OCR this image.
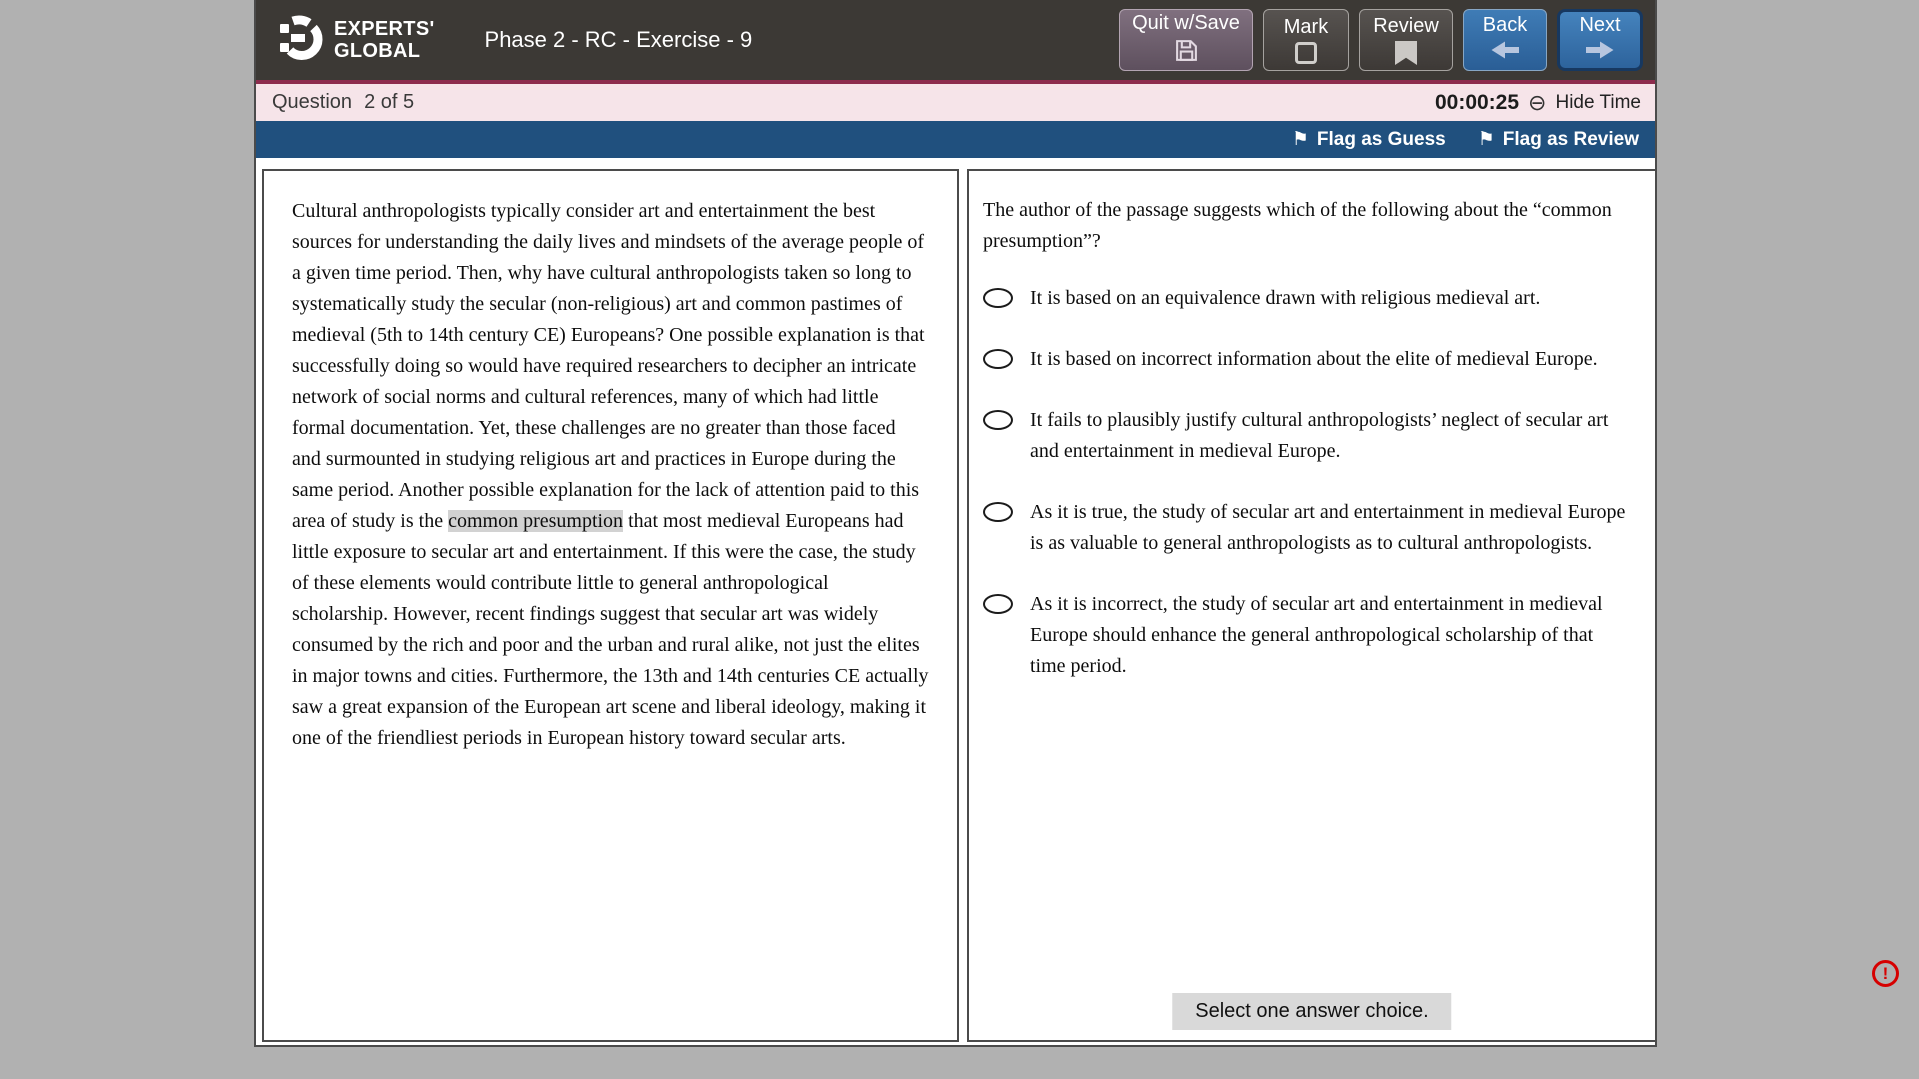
EXPERTS'
GLOBAL	Phase 2 - RC - Exercise - 9
Quit w/Save Mark Review Back	Next
Question 2 of 5	00:00:25 ⊖ Hide Time
⚑ Flag as Guess ⚑ Flag as Review
Cultural anthropologists typically consider art and entertainment the best sources for understanding the daily lives and mindsets of the average people of a given time period. Then, why have cultural anthropologists taken so long to systematically study the secular (non-religious) art and common pastimes of medieval (5th to 14th century CE) Europeans? One possible explanation is that successfully doing so would have required researchers to decipher an intricate network of social norms and cultural references, many of which had little formal documentation. Yet, these challenges are no greater than those faced and surmounted in studying religious art and practices in Europe during the same period. Another possible explanation for the lack of attention paid to this area of study is the common presumption that most medieval Europeans had little exposure to secular art and entertainment. If this were the case, the study of these elements would contribute little to general anthropological scholarship. However, recent findings suggest that secular art was widely consumed by the rich and poor and the urban and rural alike, not just the elites in major towns and cities. Furthermore, the 13th and 14th centuries CE actually saw a great expansion of the European art scene and liberal ideology, making it one of the friendliest periods in European history toward secular arts.
The author of the passage suggests which of the following about the “common presumption”?
It is based on an equivalence drawn with religious medieval art.
It is based on incorrect information about the elite of medieval Europe.
It fails to plausibly justify cultural anthropologists’ neglect of secular art and entertainment in medieval Europe.
As it is true, the study of secular art and entertainment in medieval Europe is as valuable to general anthropologists as to cultural anthropologists.
As it is incorrect, the study of secular art and entertainment in medieval Europe should enhance the general anthropological scholarship of that time period.
Select one answer choice.
!
